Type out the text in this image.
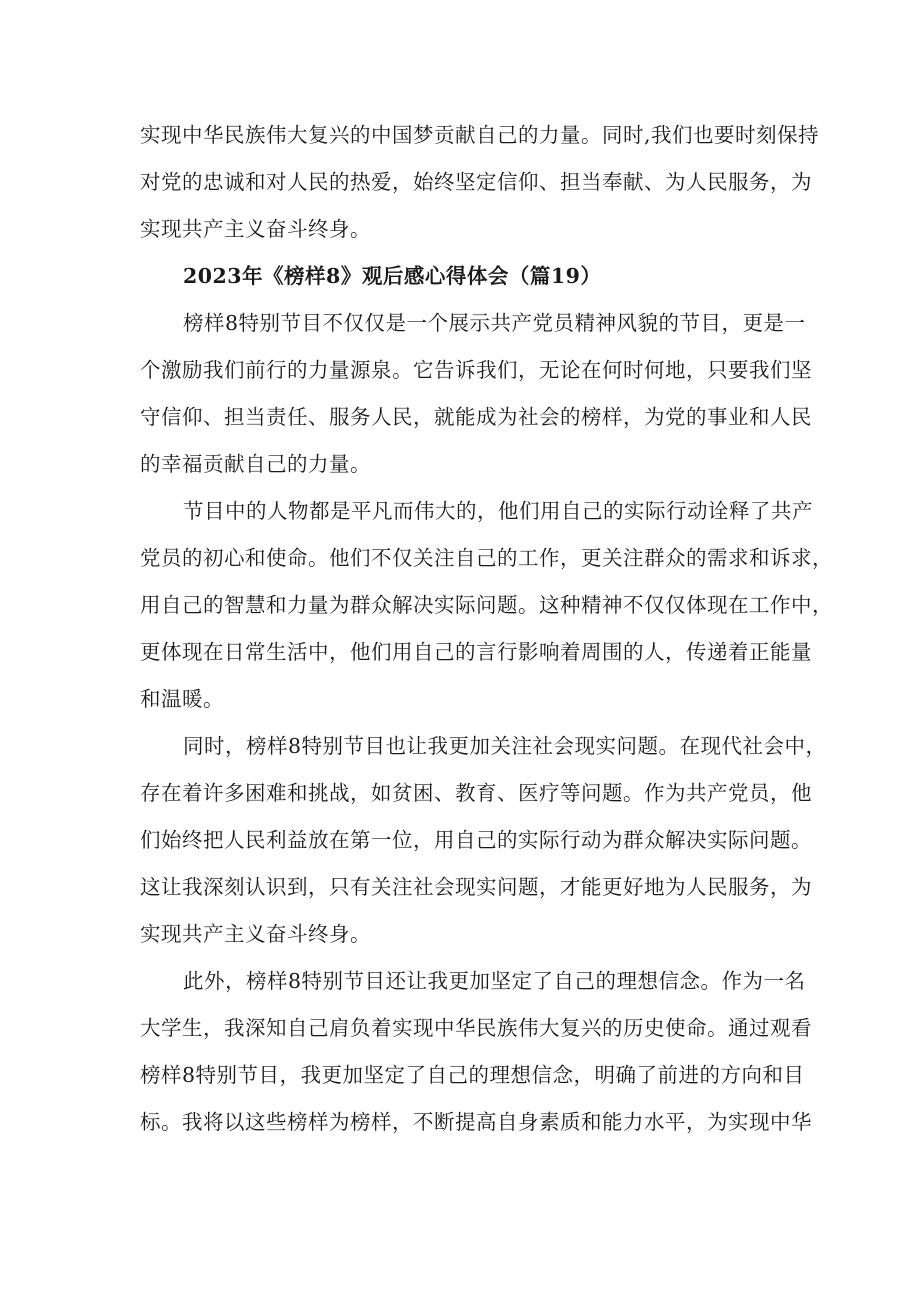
实现中华民族伟大复兴的中国梦贡献自己的力量。同时,我们也要时刻保持
对党的忠诚和对人民的热爱，始终坚定信仰、担当奉献、为人民服务，为
实现共产主义奋斗终身。
2023年《榜样8》观后感心得体会（篇19）
榜样8特别节目不仅仅是一个展示共产党员精神风貌的节目，更是一
个激励我们前行的力量源泉。它告诉我们，无论在何时何地，只要我们坚
守信仰、担当责任、服务人民，就能成为社会的榜样，为党的事业和人民
的幸福贡献自己的力量。
节目中的人物都是平凡而伟大的，他们用自己的实际行动诠释了共产
党员的初心和使命。他们不仅关注自己的工作，更关注群众的需求和诉求，
用自己的智慧和力量为群众解决实际问题。这种精神不仅仅体现在工作中，
更体现在日常生活中，他们用自己的言行影响着周围的人，传递着正能量
和温暖。
同时，榜样8特别节目也让我更加关注社会现实问题。在现代社会中，
存在着许多困难和挑战，如贫困、教育、医疗等问题。作为共产党员，他
们始终把人民利益放在第一位，用自己的实际行动为群众解决实际问题。
这让我深刻认识到，只有关注社会现实问题，才能更好地为人民服务，为
实现共产主义奋斗终身。
此外，榜样8特别节目还让我更加坚定了自己的理想信念。作为一名
大学生，我深知自己肩负着实现中华民族伟大复兴的历史使命。通过观看
榜样8特别节目，我更加坚定了自己的理想信念，明确了前进的方向和目
标。我将以这些榜样为榜样，不断提高自身素质和能力水平，为实现中华
